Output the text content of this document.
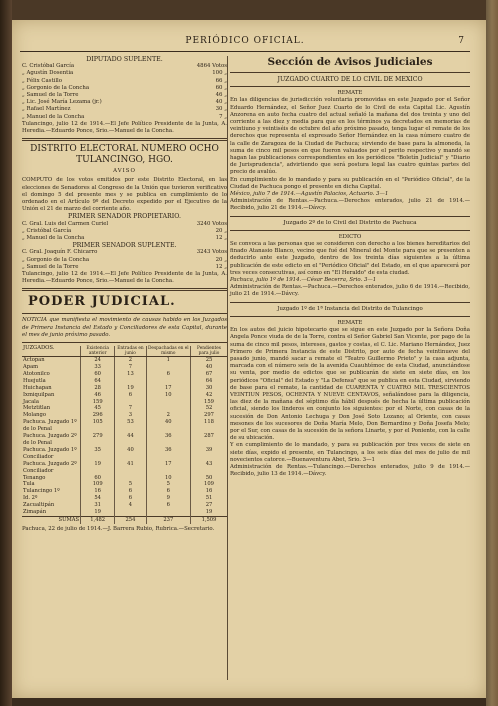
PERIÓDICO OFICIAL.	7
DIPUTADO SUPLENTE.
C. Cristóbal García	4864 Votos
„ Agustín Dosentia	100 „
„ Félix Castillo	66 „
„ Gorgonio de la Concha	60 „
„ Samuel de la Torre	46 „
„ Lic. José María Lezama (jr.)	40 „
„ Rafael Martínez	30 „
„ Manuel de la Concha	7 „

Tulancingo, julio 12 de 1914.—El Jefe Político Presidente de la Junta, A. Heredia.—Eduardo Ponce, Srio.—Manuel de la Concha.

DISTRITO ELECTORAL NUMERO OCHO
TULANCINGO, HGO.
AVISO

COMPUTO de los votos emitidos por este Distrito Electoral, en las elecciones de Senadores al Congreso de la Unión que tuvieron verificativo el domingo 5 del presente mes y se publica en cumplimiento de lo ordenado en el Artículo 9º del Decreto expedido por el Ejecutivo de la Unión el 21 de marzo del corriente año.

PRIMER SENADOR PROPIETARIO.
C. Gral. Luis del Carmen Curiel	3240 Votos
„ Cristóbal García	20 „
„ Manuel de la Concha	12 „
PRIMER SENADOR SUPLENTE.
C. Gral. Joaquín F. Chicarro	3243 Votos
„ Gorgonio de la Concha	20 „
„ Samuel de la Torre	12 „

Tulancingo, julio 12 de 1914.—El Jefe Político Presidente de la Junta, A. Heredia.—Eduardo Ponce, Srio.—Manuel de la Concha.

PODER JUDICIAL.

NOTICIA que manifiesta el movimiento de causas habido en los Juzgados de Primera Instancia del Estado y Conciliadores de esta Capital, durante el mes de junio próximo pasado.

JUZGADOS.	Existencia anterior	Entradas en junio	Despachadas en el mismo	Pendientes para julio
Actopan	24	2	1	25
Apam	33	7		40
Atotonilco	60	13	6	67
Huejutla	64			64
Huichapan	28	19	17	30
Ixmiquilpan	46	6	10	42
Jacala	159			159
Metztitlan	45	7		52
Molango	296	3	2	297
Pachuca. Juzgado 1º de lo Penal	105	53	40	118
Pachuca. Juzgado 2º de lo Penal	279	44	36	287
Pachuca. Juzgado 1º Conciliador	35	40	36	39
Pachuca. Juzgado 2º Conciliador	19	41	17	43
Tenango	60		10	50
Tula	109	5	5	109
Tulancingo 1º	16	6	6	16
Id. 2º	54	6	9	51
Zacualtipán	31	4	6	27
Zimapán	19			19
SUMAS	1,482	254	237	1,509

Pachuca, 22 de julio de 1914.—J. Barrera Rubio, Rubrica.—Secretario.

Sección de Avisos Judiciales
JUZGADO CUARTO DE LO CIVIL DE MEXICO
REMATE

En las diligencias de jurisdicción voluntaria promovidas en este Juzgado por el Señor Eduardo Hernández, el Señor Juez Cuarto de lo Civil de esta Capital Lic. Agustín Anzorena en auto fecha cuatro del actual señaló la mañana del dos treinta y uno del corriente a las diez y media para que en los términos ya decretados en memorias de veintiuno y veintiséis de octubre del año próximo pasado, tenga lugar el remate de los derechos que representa el expresado Señor Hernández en la casa número cuatro de la calle de Zaragoza de la Ciudad de Pachuca; sirviendo de base para la almoneda, la suma de cinco mil pesos en que fueron valuados por el perito respectivo y mandó se hagan las publicaciones correspondientes en los periódicos "Boletín Judicial" y "Diario de Jurisprudencia", advirtiendo que será postura legal las cuatro quintas partes del precio de avalúo.

En cumplimiento de lo mandado y para su publicación en el "Periódico Oficial", de la Ciudad de Pachuca pongo el presente en dicha Capital.

México, julio 7 de 1914.—Agustín Palacios, Actuario. 3—1

Administración de Rentas.—Pachuca.—Derechos enterados, julio 21 de 1914.—Recibido, julio 21 de 1914.—Dávcy.

Juzgado 2º de lo Civil del Distrito de Pachuca
EDICTO

Se convoca a las personas que se consideren con derecho a los bienes hereditarios del finado Atanasio Blanco, vecino que fué del Mineral del Monte para que se presenten a deducirlo ante este Juzgado, dentro de los treinta días siguientes a la última publicación de este edicto en el "Periódico Oficial" del Estado, en el que aparecerá por tres veces consecutivas, así como en "El Heraldo" de esta ciudad.

Pachuca, julio 1º de 1914.—César Becerra, Srio. 3—1

Administración de Rentas.—Pachuca.—Derechos enterados, julio 6 de 1914.—Recibido, julio 21 de 1914.—Dávcy.

Juzgado 1º de 1ª Instancia del Distrito de Tulancingo
REMATE

En los autos del juicio hipotecario que se sigue en este Juzgado por la Señora Doña Angela Ponce viuda de de la Torre, contra el Señor Gabriel San Vicente, por pago de la suma de cinco mil pesos, intereses, gastos y costas, el C. Lic. Mariano Hernández, Juez Primero de Primera Instancia de este Distrito, por auto de fecha veintinueve del pasado junio, mandó sacar a remate el "Teatro Guillermo Prieto" y la casa adjunta, marcada con el número seis de la avenida Cuauhtémoc de esta Ciudad, anunciándose su venta, por medio de edictos que se publicarán de siete en siete días, en los periódicos "Oficial" del Estado y "La Defensa" que se publica en esta Ciudad, sirviendo de base para el remate, la cantidad de CUARENTA Y CUATRO MIL TRESCIENTOS VEINTIUN PESOS, OCHENTA Y NUEVE CENTAVOS, señalándose para la diligencia, las diez de la mañana del séptimo día hábil después de hecha la última publicación oficial, siendo los linderos en conjunto los siguientes: por el Norte, con casas de la sucesión de Don Antonio Lechuga y Don José Soto Lozano; al Oriente, con casas mesones de los sucesores de Doña María Melo, Don Bernardino y Doña Josefa Melo; por el Sur, con casas de la sucesión de la señora Linarte, y por el Poniente, con la calle de su ubicación.

Y en cumplimiento de lo mandado, y para su publicación por tres veces de siete en siete días, expido el presente, en Tulancingo, a los seis días del mes de julio de mil novecientos catorce.—Buenaventura Abet, Srio. 3—1

Administración de Rentas.—Tulancingo.—Derechos enterados, julio 9 de 1914.—Recibido, julio 13 de 1914.—Dávcy.
